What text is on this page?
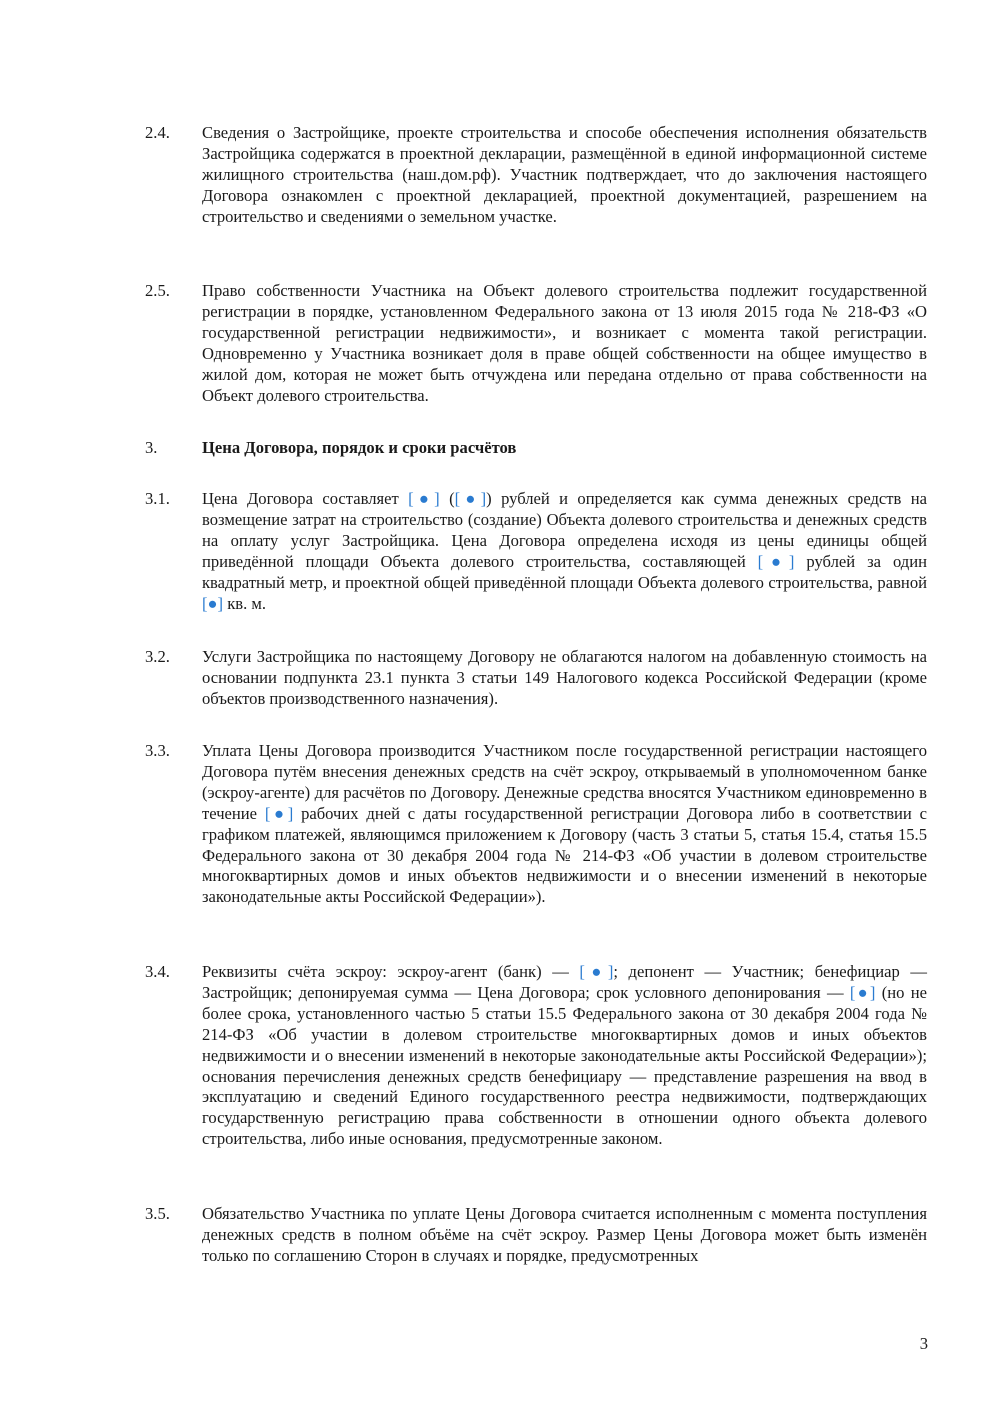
2.4.	Сведения о Застройщике, проекте строительства и способе обеспечения исполнения обязательств Застройщика содержатся в проектной декларации, размещённой в единой информационной системе жилищного строительства (наш.дом.рф). Участник подтверждает, что до заключения настоящего Договора ознакомлен с проектной декларацией, проектной документацией, разрешением на строительство и сведениями о земельном участке.
2.5.	Право собственности Участника на Объект долевого строительства подлежит государственной регистрации в порядке, установленном Федерального закона от 13 июля 2015 года № 218-ФЗ «О государственной регистрации недвижимости», и возникает с момента такой регистрации. Одновременно у Участника возникает доля в праве общей собственности на общее имущество в жилой дом, которая не может быть отчуждена или передана отдельно от права собственности на Объект долевого строительства.
3.	Цена Договора, порядок и сроки расчётов
3.1.	Цена Договора составляет [●] ([●]) рублей и определяется как сумма денежных средств на возмещение затрат на строительство (создание) Объекта долевого строительства и денежных средств на оплату услуг Застройщика. Цена Договора определена исходя из цены единицы общей приведённой площади Объекта долевого строительства, составляющей [●] рублей за один квадратный метр, и проектной общей приведённой площади Объекта долевого строительства, равной [●] кв. м.
3.2.	Услуги Застройщика по настоящему Договору не облагаются налогом на добавленную стоимость на основании подпункта 23.1 пункта 3 статьи 149 Налогового кодекса Российской Федерации (кроме объектов производственного назначения).
3.3.	Уплата Цены Договора производится Участником после государственной регистрации настоящего Договора путём внесения денежных средств на счёт эскроу, открываемый в уполномоченном банке (эскроу-агенте) для расчётов по Договору. Денежные средства вносятся Участником единовременно в течение [●] рабочих дней с даты государственной регистрации Договора либо в соответствии с графиком платежей, являющимся приложением к Договору (часть 3 статьи 5, статья 15.4, статья 15.5 Федерального закона от 30 декабря 2004 года № 214-ФЗ «Об участии в долевом строительстве многоквартирных домов и иных объектов недвижимости и о внесении изменений в некоторые законодательные акты Российской Федерации»).
3.4.	Реквизиты счёта эскроу: эскроу-агент (банк) — [●]; депонент — Участник; бенефициар — Застройщик; депонируемая сумма — Цена Договора; срок условного депонирования — [●] (но не более срока, установленного частью 5 статьи 15.5 Федерального закона от 30 декабря 2004 года № 214-ФЗ «Об участии в долевом строительстве многоквартирных домов и иных объектов недвижимости и о внесении изменений в некоторые законодательные акты Российской Федерации»); основания перечисления денежных средств бенефициару — представление разрешения на ввод в эксплуатацию и сведений Единого государственного реестра недвижимости, подтверждающих государственную регистрацию права собственности в отношении одного объекта долевого строительства, либо иные основания, предусмотренные законом.
3.5.	Обязательство Участника по уплате Цены Договора считается исполненным с момента поступления денежных средств в полном объёме на счёт эскроу. Размер Цены Договора может быть изменён только по соглашению Сторон в случаях и порядке, предусмотренных
3
